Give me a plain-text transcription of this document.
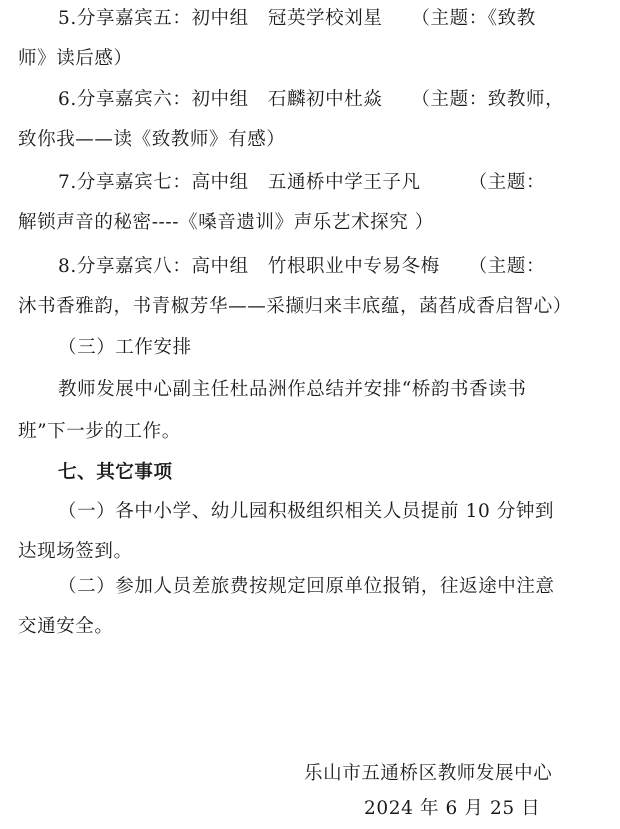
5.分享嘉宾五：初中组　冠英学校刘星　　（主题：《致教
师》读后感）
6.分享嘉宾六：初中组　石麟初中杜焱　　（主题：致教师，
致你我——读《致教师》有感）
7.分享嘉宾七：高中组　五通桥中学王子凡　　　（主题：
解锁声音的秘密----《嗓音遗训》声乐艺术探究 ）
8.分享嘉宾八：高中组　竹根职业中专易冬梅　　（主题：
沐书香雅韵，书青椒芳华——采撷归来丰底蕴，菡萏成香启智心）
（三）工作安排
教师发展中心副主任杜品洲作总结并安排“桥韵书香读书
班”下一步的工作。
七、其它事项
（一）各中小学、幼儿园积极组织相关人员提前 10 分钟到
达现场签到。
（二）参加人员差旅费按规定回原单位报销，往返途中注意
交通安全。
乐山市五通桥区教师发展中心
2024 年 6 月 25 日
